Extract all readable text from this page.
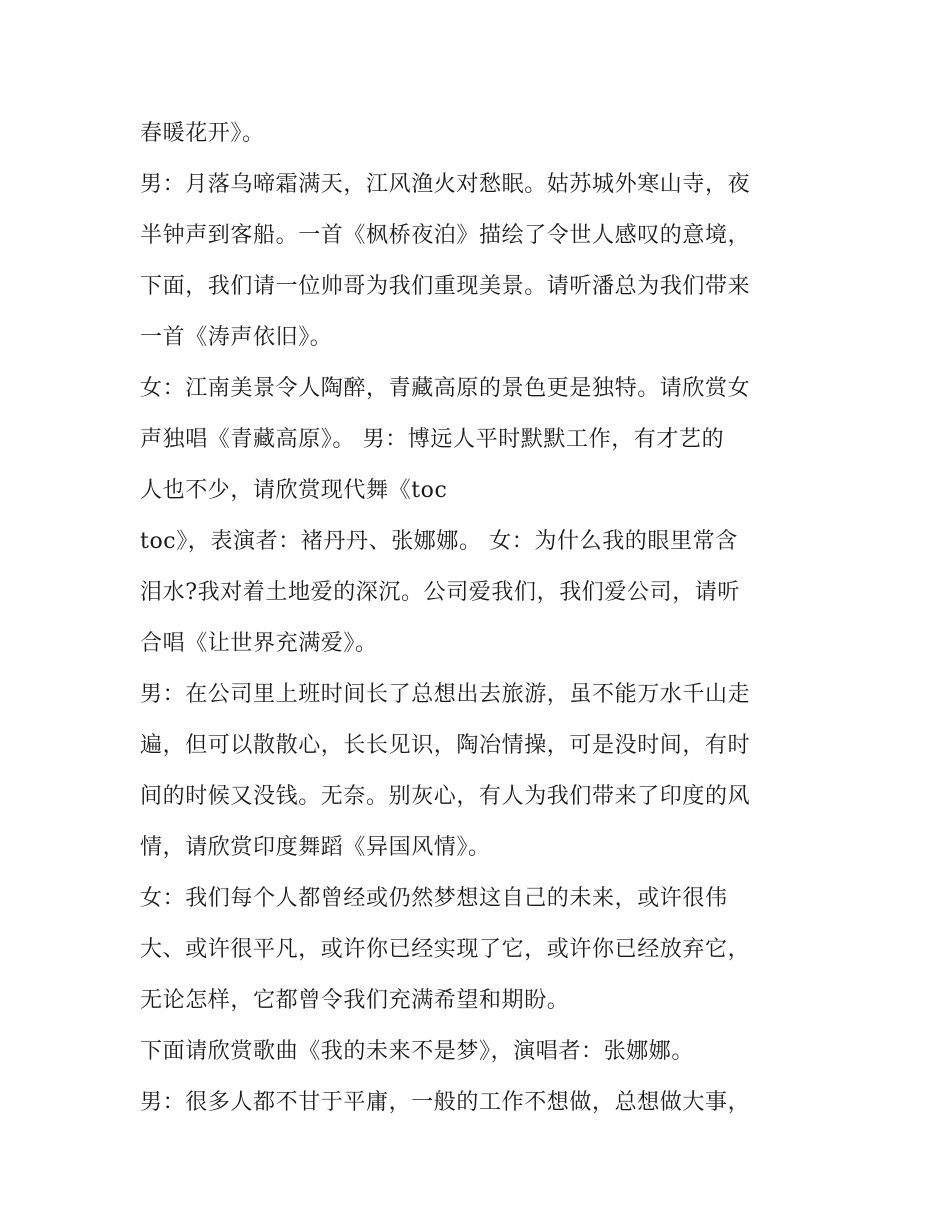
春暖花开》。
男：月落乌啼霜满天，江风渔火对愁眠。姑苏城外寒山寺，夜
半钟声到客船。一首《枫桥夜泊》描绘了令世人感叹的意境，
下面，我们请一位帅哥为我们重现美景。请听潘总为我们带来
一首《涛声依旧》。
女：江南美景令人陶醉，青藏高原的景色更是独特。请欣赏女
声独唱《青藏高原》。 男：博远人平时默默工作，有才艺的
人也不少，请欣赏现代舞《toc
toc》，表演者：褚丹丹、张娜娜。 女：为什么我的眼里常含
泪水?我对着土地爱的深沉。公司爱我们，我们爱公司，请听
合唱《让世界充满爱》。
男：在公司里上班时间长了总想出去旅游，虽不能万水千山走
遍，但可以散散心，长长见识，陶冶情操，可是没时间，有时
间的时候又没钱。无奈。别灰心，有人为我们带来了印度的风
情，请欣赏印度舞蹈《异国风情》。
女：我们每个人都曾经或仍然梦想这自己的未来，或许很伟
大、或许很平凡，或许你已经实现了它，或许你已经放弃它，
无论怎样，它都曾令我们充满希望和期盼。
下面请欣赏歌曲《我的未来不是梦》，演唱者：张娜娜。
男：很多人都不甘于平庸，一般的工作不想做，总想做大事，
